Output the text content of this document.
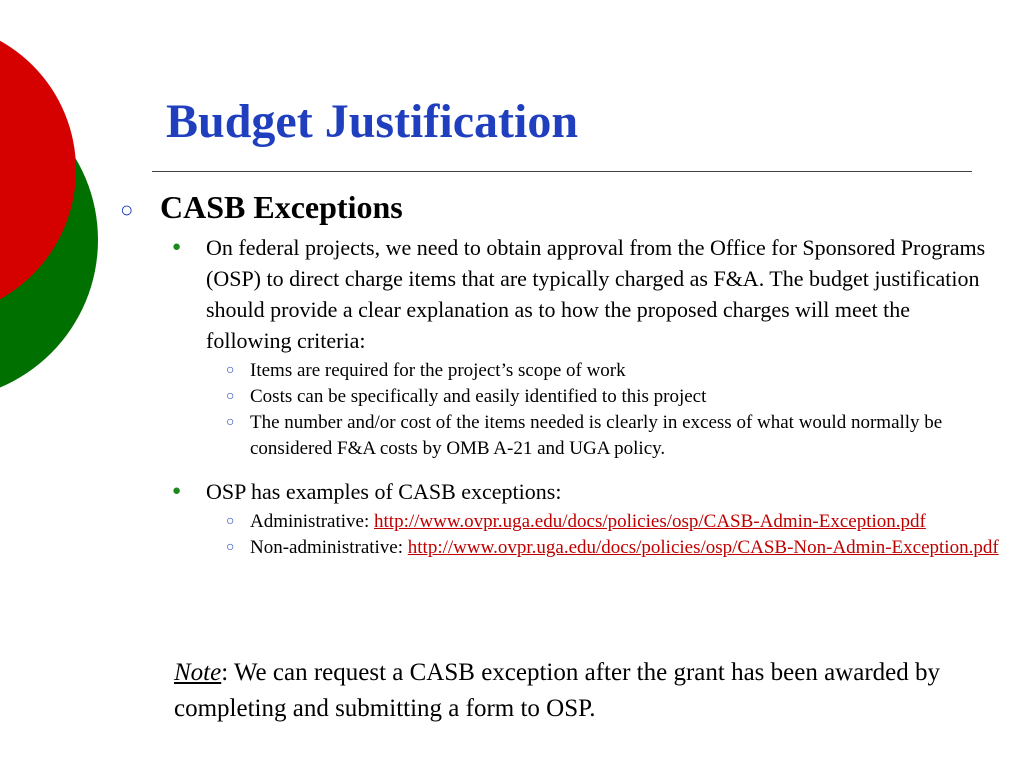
Budget Justification
○ CASB Exceptions
● On federal projects, we need to obtain approval from the Office for Sponsored Programs (OSP) to direct charge items that are typically charged as F&A. The budget justification should provide a clear explanation as to how the proposed charges will meet the following criteria:
○ Items are required for the project’s scope of work
○ Costs can be specifically and easily identified to this project
○ The number and/or cost of the items needed is clearly in excess of what would normally be considered F&A costs by OMB A-21 and UGA policy.
● OSP has examples of CASB exceptions:
○ Administrative: http://www.ovpr.uga.edu/docs/policies/osp/CASB-Admin-Exception.pdf
○ Non-administrative: http://www.ovpr.uga.edu/docs/policies/osp/CASB-Non-Admin-Exception.pdf
Note: We can request a CASB exception after the grant has been awarded by completing and submitting a form to OSP.
